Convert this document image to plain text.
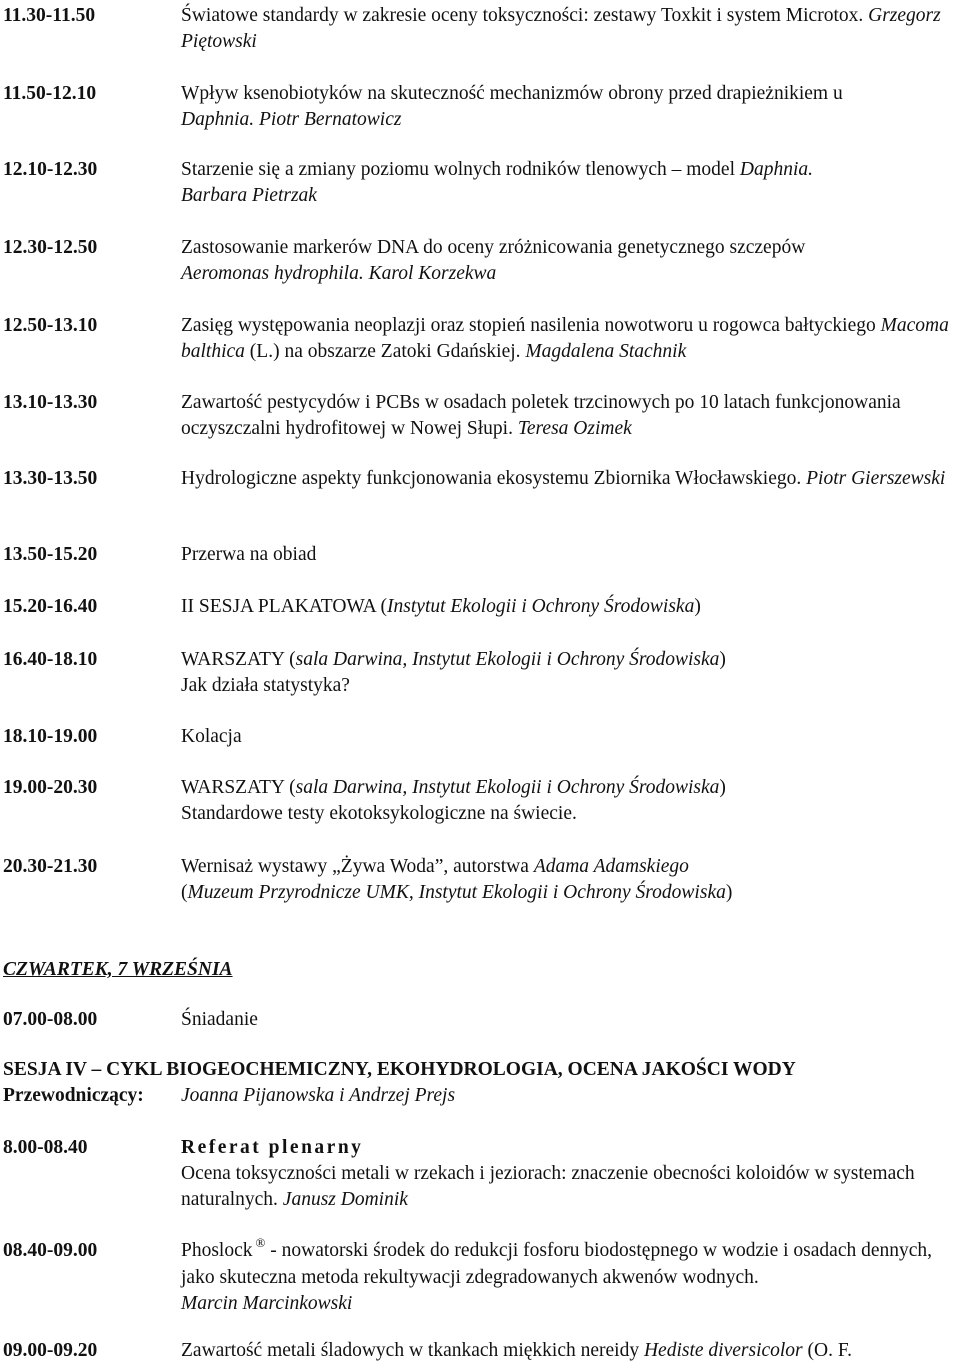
11.30-11.50	Światowe standardy w zakresie oceny toksyczności: zestawy Toxkit i system Microtox. Grzegorz Piętowski
11.50-12.10	Wpływ ksenobiotyków na skuteczność mechanizmów obrony przed drapieżnikiem u
Daphnia. Piotr Bernatowicz
12.10-12.30	Starzenie się a zmiany poziomu wolnych rodników tlenowych – model Daphnia.
Barbara Pietrzak
12.30-12.50	Zastosowanie markerów DNA do oceny zróżnicowania genetycznego szczepów
Aeromonas hydrophila. Karol Korzekwa
12.50-13.10	Zasięg występowania neoplazji oraz stopień nasilenia nowotworu u rogowca bałtyckiego Macoma balthica (L.) na obszarze Zatoki Gdańskiej. Magdalena Stachnik
13.10-13.30	Zawartość pestycydów i PCBs w osadach poletek trzcinowych po 10 latach funkcjonowania oczyszczalni hydrofitowej w Nowej Słupi. Teresa Ozimek
13.30-13.50	Hydrologiczne aspekty funkcjonowania ekosystemu Zbiornika Włocławskiego. Piotr Gierszewski
13.50-15.20	Przerwa na obiad
15.20-16.40	II SESJA PLAKATOWA (Instytut Ekologii i Ochrony Środowiska)
16.40-18.10	WARSZATY (sala Darwina, Instytut Ekologii i Ochrony Środowiska)
Jak działa statystyka?
18.10-19.00	Kolacja
19.00-20.30	WARSZATY (sala Darwina, Instytut Ekologii i Ochrony Środowiska)
Standardowe testy ekotoksykologiczne na świecie.
20.30-21.30	Wernisaż wystawy „Żywa Woda”, autorstwa Adama Adamskiego
(Muzeum Przyrodnicze UMK, Instytut Ekologii i Ochrony Środowiska)
CZWARTEK, 7 WRZEŚNIA
07.00-08.00	Śniadanie
SESJA IV – CYKL BIOGEOCHEMICZNY, EKOHYDROLOGIA, OCENA JAKOŚCI WODY
Przewodniczący:	Joanna Pijanowska i Andrzej Prejs
8.00-08.40	Referat plenarny
Ocena toksyczności metali w rzekach i jeziorach: znaczenie obecności koloidów w systemach naturalnych. Janusz Dominik
08.40-09.00	Phoslock ® - nowatorski środek do redukcji fosforu biodostępnego w wodzie i osadach dennych, jako skuteczna metoda rekultywacji zdegradowanych akwenów wodnych.
Marcin Marcinkowski
09.00-09.20	Zawartość metali śladowych w tkankach miękkich nereidy Hediste diversicolor (O. F.
